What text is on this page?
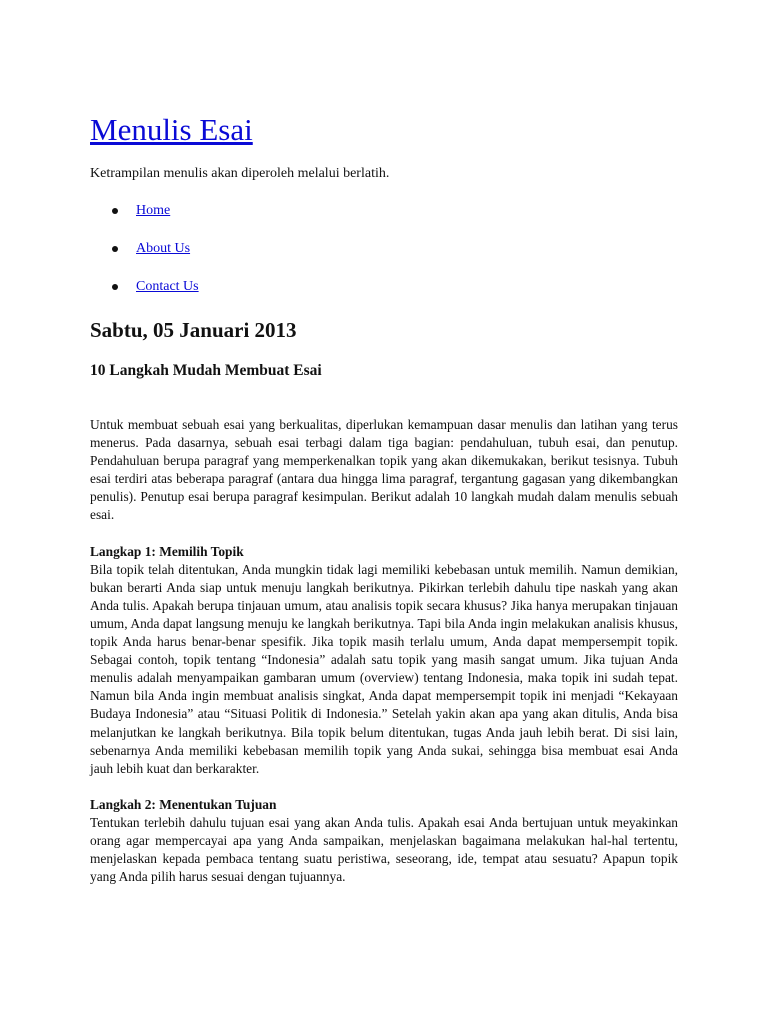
Menulis Esai

Ketrampilan menulis akan diperoleh melalui berlatih.

Home
About Us
Contact Us
Sabtu, 05 Januari 2013
10 Langkah Mudah Membuat Esai

Untuk membuat sebuah esai yang berkualitas, diperlukan kemampuan dasar menulis dan latihan yang terus menerus. Pada dasarnya, sebuah esai terbagi dalam tiga bagian: pendahuluan, tubuh esai, dan penutup. Pendahuluan berupa paragraf yang memperkenalkan topik yang akan dikemukakan, berikut tesisnya. Tubuh esai terdiri atas beberapa paragraf (antara dua hingga lima paragraf, tergantung gagasan yang dikembangkan penulis). Penutup esai berupa paragraf kesimpulan. Berikut adalah 10 langkah mudah dalam menulis sebuah esai.

Langkap 1: Memilih Topik

Bila topik telah ditentukan, Anda mungkin tidak lagi memiliki kebebasan untuk memilih. Namun demikian, bukan berarti Anda siap untuk menuju langkah berikutnya. Pikirkan terlebih dahulu tipe naskah yang akan Anda tulis. Apakah berupa tinjauan umum, atau analisis topik secara khusus? Jika hanya merupakan tinjauan umum, Anda dapat langsung menuju ke langkah berikutnya. Tapi bila Anda ingin melakukan analisis khusus, topik Anda harus benar-benar spesifik. Jika topik masih terlalu umum, Anda dapat mempersempit topik. Sebagai contoh, topik tentang “Indonesia” adalah satu topik yang masih sangat umum. Jika tujuan Anda menulis adalah menyampaikan gambaran umum (overview) tentang Indonesia, maka topik ini sudah tepat. Namun bila Anda ingin membuat analisis singkat, Anda dapat mempersempit topik ini menjadi “Kekayaan Budaya Indonesia” atau “Situasi Politik di Indonesia.” Setelah yakin akan apa yang akan ditulis, Anda bisa melanjutkan ke langkah berikutnya. Bila topik belum ditentukan, tugas Anda jauh lebih berat. Di sisi lain, sebenarnya Anda memiliki kebebasan memilih topik yang Anda sukai, sehingga bisa membuat esai Anda jauh lebih kuat dan berkarakter.

Langkah 2: Menentukan Tujuan

Tentukan terlebih dahulu tujuan esai yang akan Anda tulis. Apakah esai Anda bertujuan untuk meyakinkan orang agar mempercayai apa yang Anda sampaikan, menjelaskan bagaimana melakukan hal-hal tertentu, menjelaskan kepada pembaca tentang suatu peristiwa, seseorang, ide, tempat atau sesuatu? Apapun topik yang Anda pilih harus sesuai dengan tujuannya.
